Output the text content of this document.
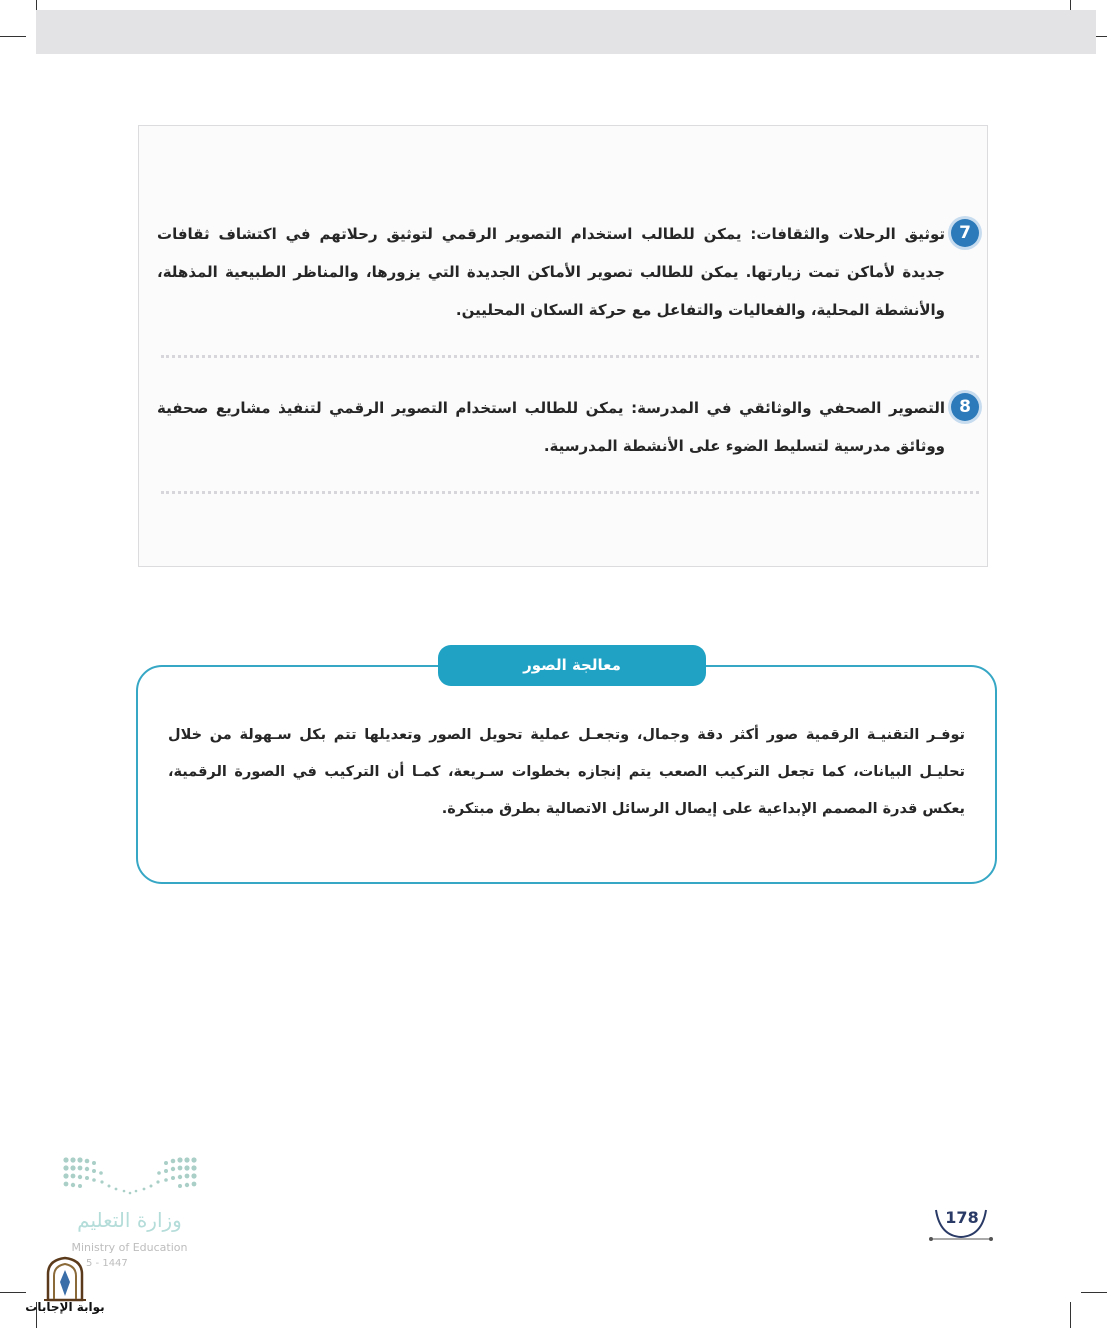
7

توثيق الرحلات والثقافات: يمكن للطالب استخدام التصوير الرقمي لتوثيق رحلاتهم في اكتشاف ثقافات جديدة لأماكن تمت زيارتها. يمكن للطالب تصوير الأماكن الجديدة التي يزورها، والمناظر الطبيعية المذهلة، والأنشطة المحلية، والفعاليات والتفاعل مع حركة السكان المحليين.

8

التصوير الصحفي والوثائقي في المدرسة: يمكن للطالب استخدام التصوير الرقمي لتنفيذ مشاريع صحفية ووثائق مدرسية لتسليط الضوء على الأنشطة المدرسية.

معالجة الصور

توفـر التقنيـة الرقمية صور أكثر دقة وجمال، وتجعـل عملية تحويل الصور وتعديلها تتم بكل سـهولة من خلال تحليـل البيانات، كما تجعل التركيب الصعب يتم إنجازه بخطوات سـريعة، كمـا أن التركيب في الصورة الرقمية، يعكس قدرة المصمم الإبداعية على إيصال الرسائل الاتصالية بطرق مبتكرة.

وزارة التعليم
Ministry of Education
5 - 1447
بوابة الإجابات
178
